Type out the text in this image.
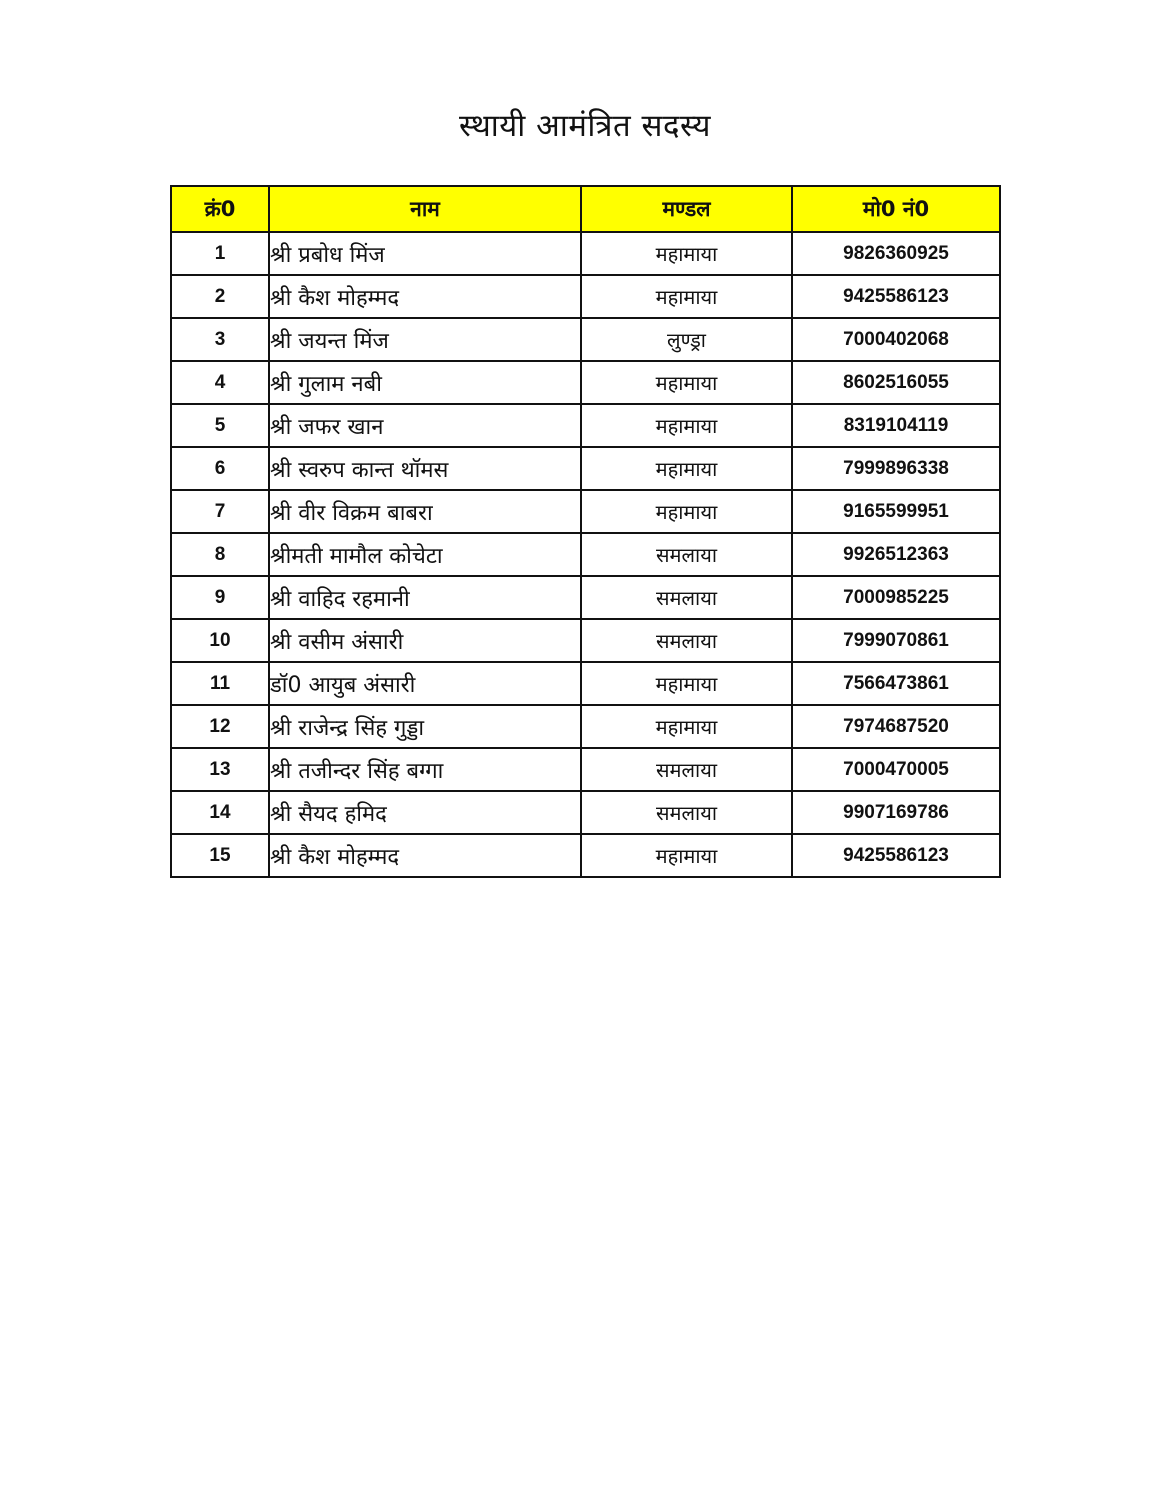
स्थायी आमंत्रित सदस्य
क्रं0	नाम	मण्डल	मो0 नं0
1	श्री प्रबोध मिंज	महामाया	9826360925
2	श्री कैश मोहम्मद	महामाया	9425586123
3	श्री जयन्त मिंज	लुण्ड्रा	7000402068
4	श्री गुलाम नबी	महामाया	8602516055
5	श्री जफर खान	महामाया	8319104119
6	श्री स्वरुप कान्त थॉमस	महामाया	7999896338
7	श्री वीर विक्रम बाबरा	महामाया	9165599951
8	श्रीमती मामौल कोचेटा	समलाया	9926512363
9	श्री वाहिद रहमानी	समलाया	7000985225
10	श्री वसीम अंसारी	समलाया	7999070861
11	डॉ0 आयुब अंसारी	महामाया	7566473861
12	श्री राजेन्द्र सिंह गुड्डा	महामाया	7974687520
13	श्री तजीन्दर सिंह बग्गा	समलाया	7000470005
14	श्री सैयद हमिद	समलाया	9907169786
15	श्री कैश मोहम्मद	महामाया	9425586123
